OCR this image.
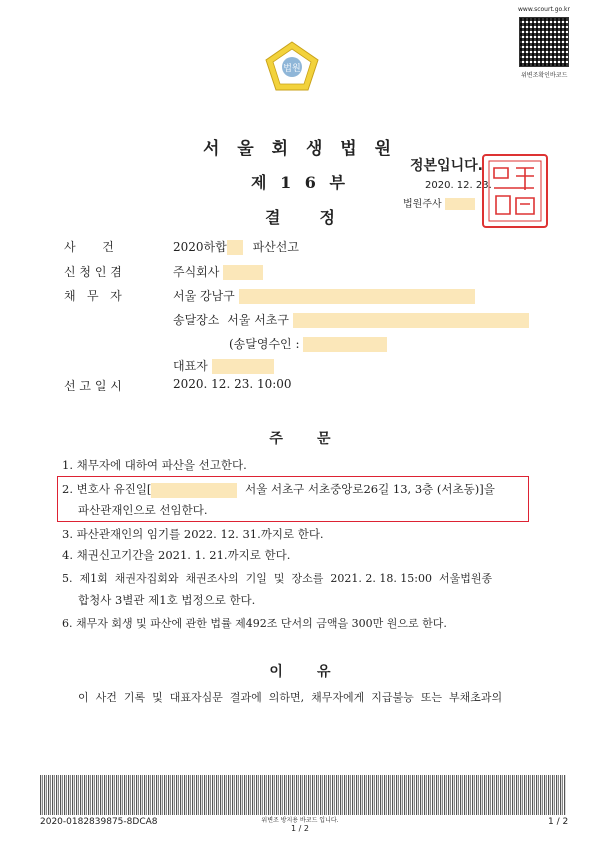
법원
www.scourt.go.kr
위변조확인바코드
서 울 회 생 법 원
제 1 6 부
결       정
정본입니다.
2020. 12. 23.
법원주사
사       건	2020하합 파산선고
신 청 인 겸	주식회사
채   무   자	서울 강남구
송달장소 서울 서초구
(송달영수인 :
대표자
선 고 일 시	2020. 12. 23. 10:00
주       문
1. 채무자에 대하여 파산을 선고한다.
2. 변호사 유진일[	서울 서초구 서초중앙로26길 13, 3층 (서초동)]을
파산관재인으로 선임한다.
3. 파산관재인의 임기를 2022. 12. 31.까지로 한다.
4. 채권신고기간을 2021. 1. 21.까지로 한다.
5.  제1회  채권자집회와  채권조사의  기일  및  장소를  2021. 2. 18. 15:00  서울법원종
합청사 3별관 제1호 법정으로 한다.
6. 채무자 회생 및 파산에 관한 법률 제492조 단서의 금액을 300만 원으로 한다.
이       유
이  사건  기록  및  대표자심문  결과에  의하면,  채무자에게  지급불능  또는  부채초과의
2020-0182839875-8DCA8	위변조 방지용 바코드 입니다.
1 / 2
1 / 2
